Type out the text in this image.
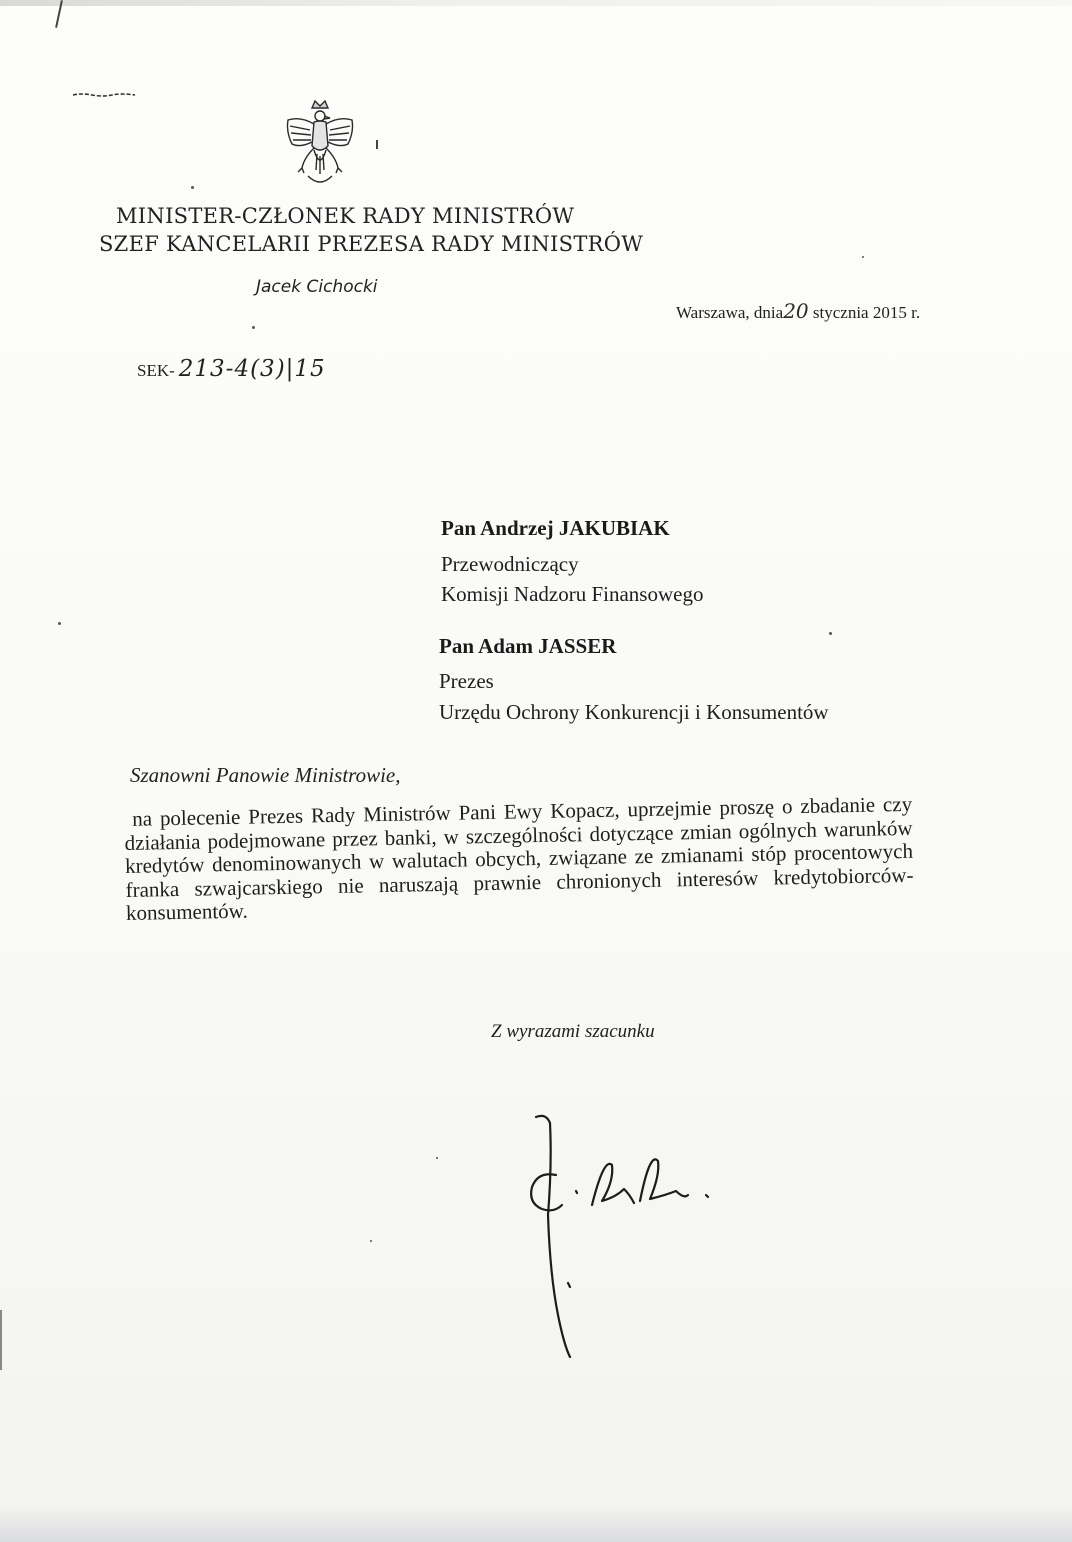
MINISTER-CZŁONEK RADY MINISTRÓW
SZEF KANCELARII PREZESA RADY MINISTRÓW
Jacek Cichocki
Warszawa, dnia20 stycznia 2015 r.
SEK- 213-4(3)|15
Pan Andrzej JAKUBIAK
Przewodniczący
Komisji Nadzoru Finansowego
Pan Adam JASSER
Prezes
Urzędu Ochrony Konkurencji i Konsumentów
Szanowni Panowie Ministrowie,
na polecenie Prezes Rady Ministrów Pani Ewy Kopacz, uprzejmie proszę o zbadanie czy działania podejmowane przez banki, w szczególności dotyczące zmian ogólnych warunków kredytów denominowanych w walutach obcych, związane ze zmianami stóp procentowych franka szwajcarskiego nie naruszają prawnie chronionych interesów kredytobiorców-konsumentów.
Z wyrazami szacunku
